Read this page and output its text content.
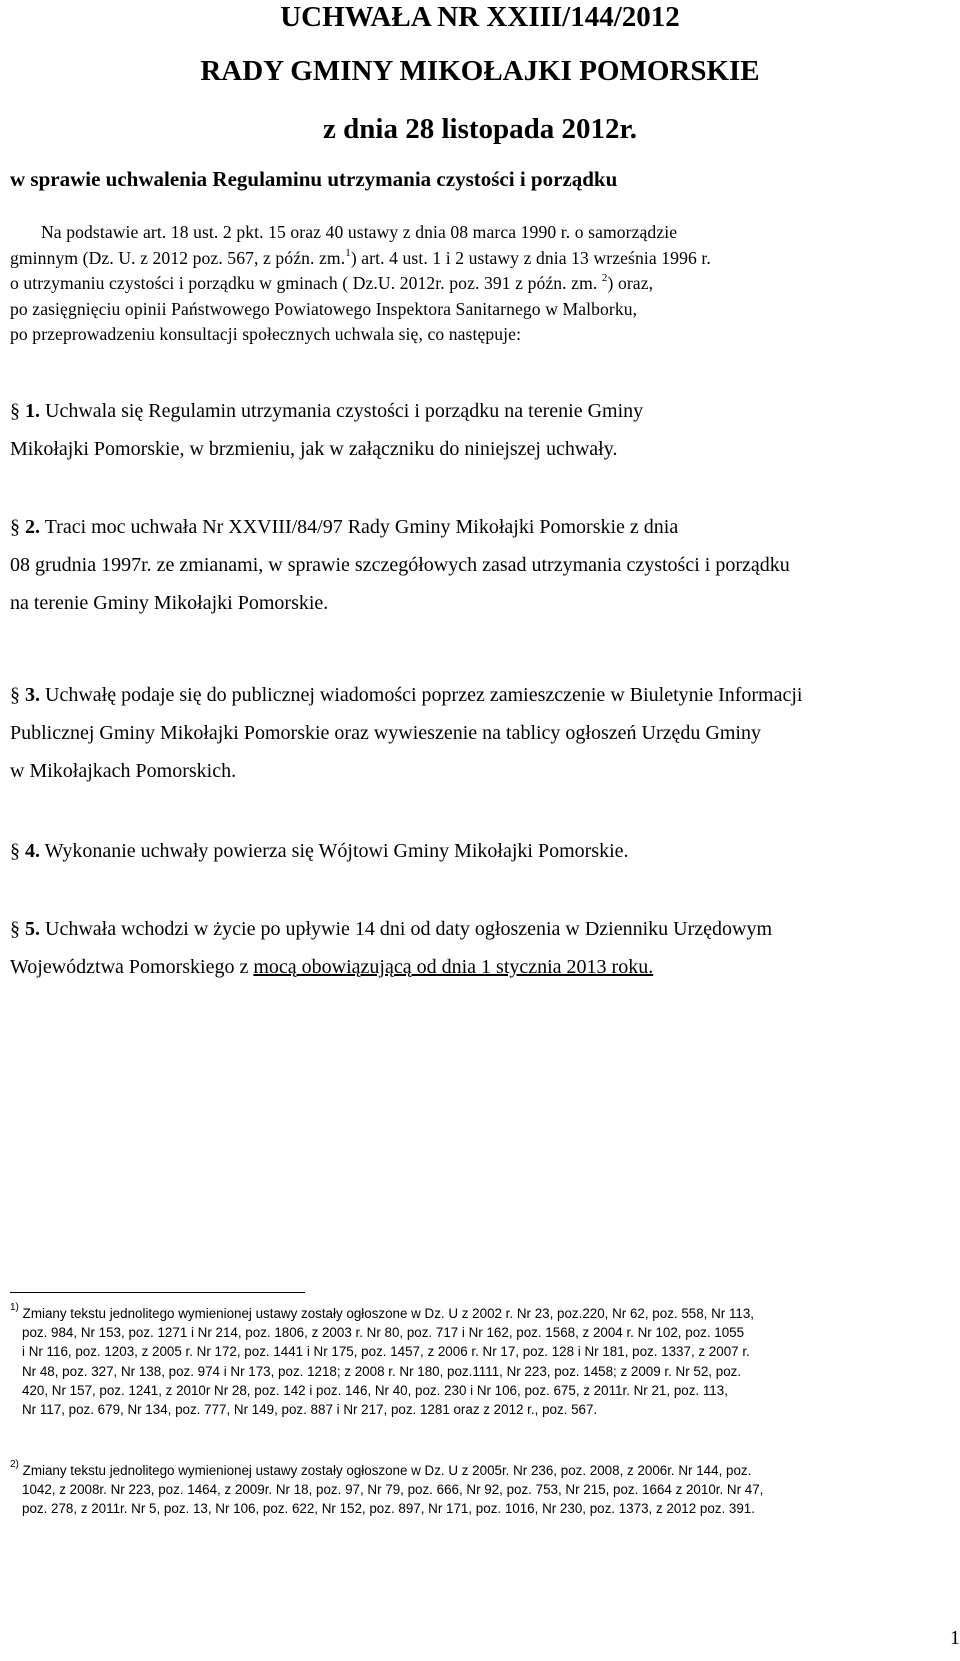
UCHWAŁA NR XXIII/144/2012
RADY GMINY MIKOŁAJKI POMORSKIE
z dnia 28 listopada 2012r.
w sprawie uchwalenia Regulaminu utrzymania czystości i porządku
Na podstawie art. 18 ust. 2 pkt. 15 oraz 40 ustawy z dnia 08 marca 1990 r. o samorządzie
gminnym (Dz. U. z 2012 poz. 567, z późn. zm.$^1$) art. 4 ust. 1 i 2 ustawy z dnia 13 września 1996 r.
o utrzymaniu czystości i porządku w gminach ( Dz.U. 2012r. poz. 391 z późn. zm. $^2$) oraz,
po zasięgnięciu opinii Państwowego Powiatowego Inspektora Sanitarnego w Malborku,
po przeprowadzeniu konsultacji społecznych uchwala się, co następuje:
§ 1. Uchwala się Regulamin utrzymania czystości i porządku na terenie Gminy
Mikołajki Pomorskie, w brzmieniu, jak w załączniku do niniejszej uchwały.
§ 2. Traci moc uchwała Nr XXVIII/84/97 Rady Gminy Mikołajki Pomorskie z dnia
08 grudnia 1997r. ze zmianami, w sprawie szczegółowych zasad utrzymania czystości i porządku
na terenie Gminy Mikołajki Pomorskie.
§ 3. Uchwałę podaje się do publicznej wiadomości poprzez zamieszczenie w Biuletynie Informacji
Publicznej Gminy Mikołajki Pomorskie oraz wywieszenie na tablicy ogłoszeń Urzędu Gminy
w Mikołajkach Pomorskich.
§ 4. Wykonanie uchwały powierza się Wójtowi Gminy Mikołajki Pomorskie.
§ 5. Uchwała wchodzi w życie po upływie 14 dni od daty ogłoszenia w Dzienniku Urzędowym
Województwa Pomorskiego z mocą obowiązującą od dnia 1 stycznia 2013 roku.
$^{1)}$ Zmiany tekstu jednolitego wymienionej ustawy zostały ogłoszone w Dz. U z 2002 r. Nr 23, poz.220, Nr 62, poz. 558, Nr 113,
poz. 984, Nr 153, poz. 1271 i Nr 214, poz. 1806, z 2003 r. Nr 80, poz. 717 i Nr 162, poz. 1568, z 2004 r. Nr 102, poz. 1055
i Nr 116, poz. 1203, z 2005 r. Nr 172, poz. 1441 i Nr 175, poz. 1457, z 2006 r. Nr 17, poz. 128 i Nr 181, poz. 1337, z 2007 r.
Nr 48, poz. 327, Nr 138, poz. 974 i Nr 173, poz. 1218; z 2008 r. Nr 180, poz.1111, Nr 223, poz. 1458; z 2009 r. Nr 52, poz.
420, Nr 157, poz. 1241, z 2010r Nr 28, poz. 142 i poz. 146, Nr 40, poz. 230 i Nr 106, poz. 675, z 2011r. Nr 21, poz. 113,
Nr 117, poz. 679, Nr 134, poz. 777, Nr 149, poz. 887 i Nr 217, poz. 1281 oraz z 2012 r., poz. 567.
$^{2)}$ Zmiany tekstu jednolitego wymienionej ustawy zostały ogłoszone w Dz. U z 2005r. Nr 236, poz. 2008, z 2006r. Nr 144, poz.
1042, z 2008r. Nr 223, poz. 1464, z 2009r. Nr 18, poz. 97, Nr 79, poz. 666, Nr 92, poz. 753, Nr 215, poz. 1664 z 2010r. Nr 47,
poz. 278, z 2011r. Nr 5, poz. 13, Nr 106, poz. 622, Nr 152, poz. 897, Nr 171, poz. 1016, Nr 230, poz. 1373, z 2012 poz. 391.
1
